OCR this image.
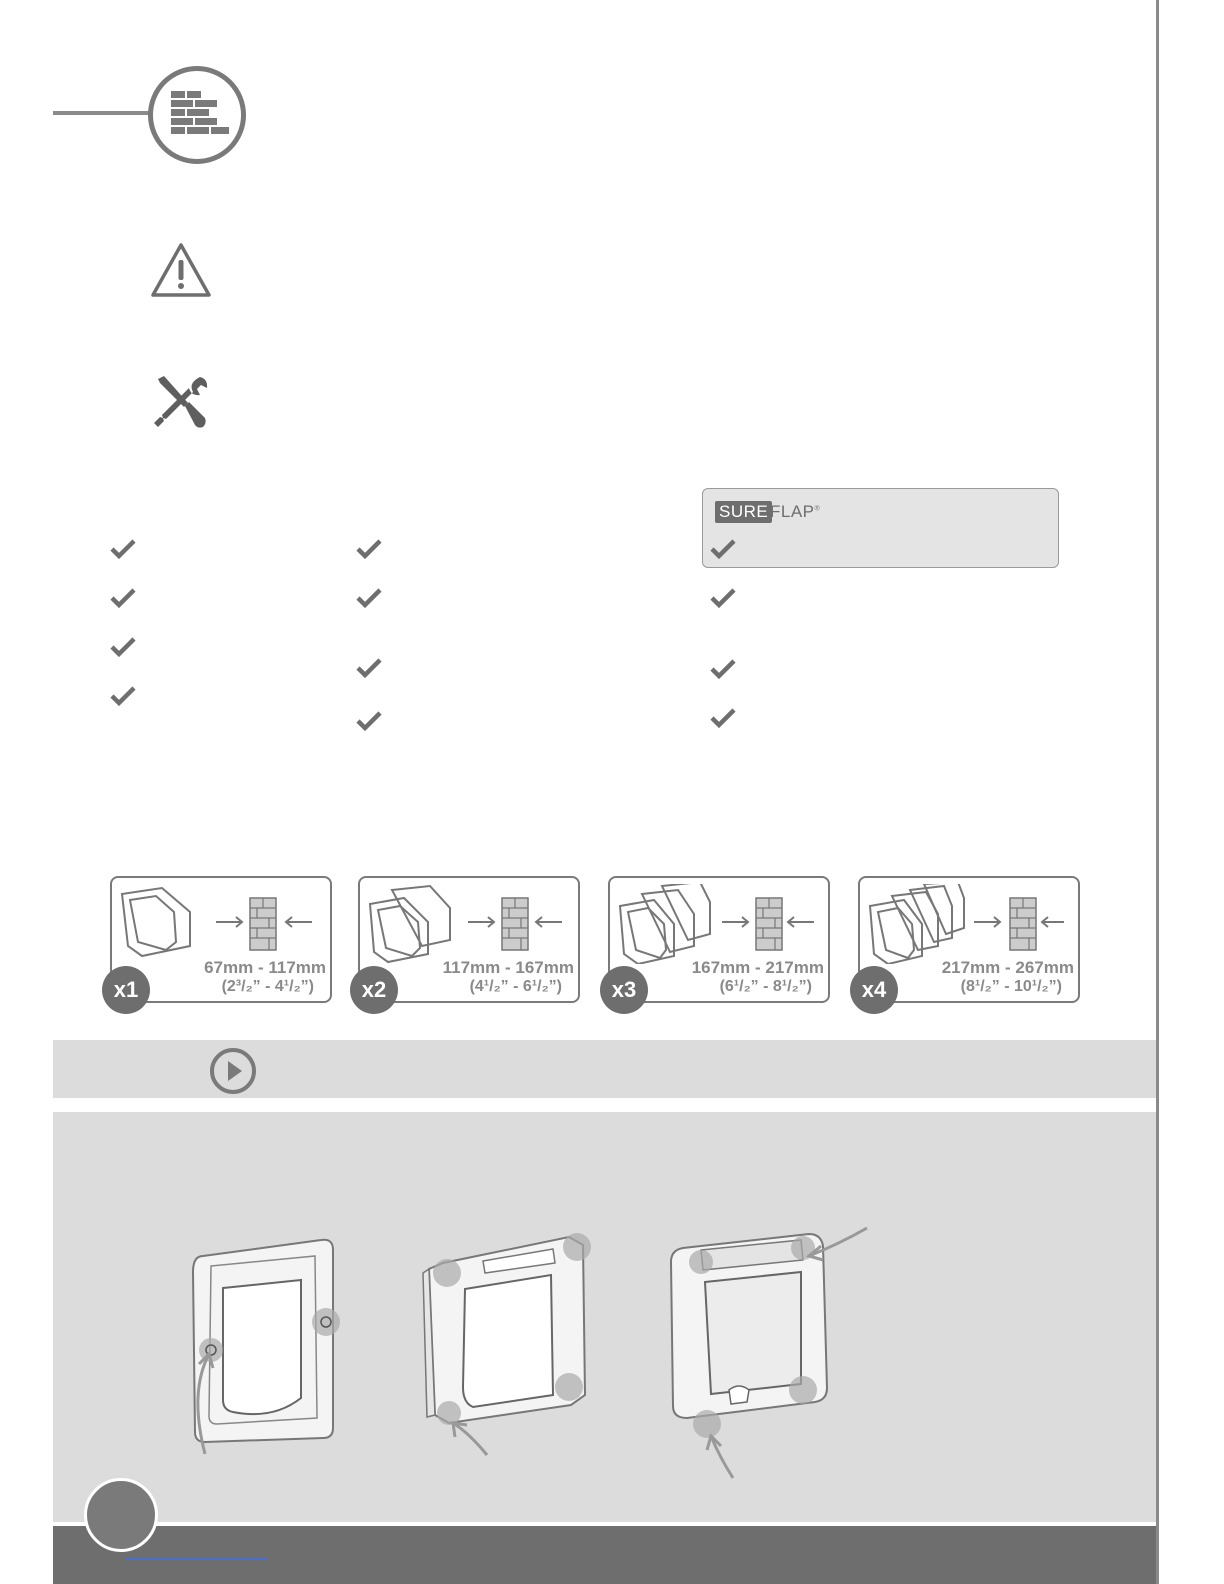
SURE FLAP®
67mm - 117mm
(2³/₂” - 4¹/₂”)
x1
117mm - 167mm
(4¹/₂” - 6¹/₂”)
x2
167mm - 217mm
(6¹/₂” - 8¹/₂”)
x3
217mm - 267mm
(8¹/₂” - 10¹/₂”)
x4
